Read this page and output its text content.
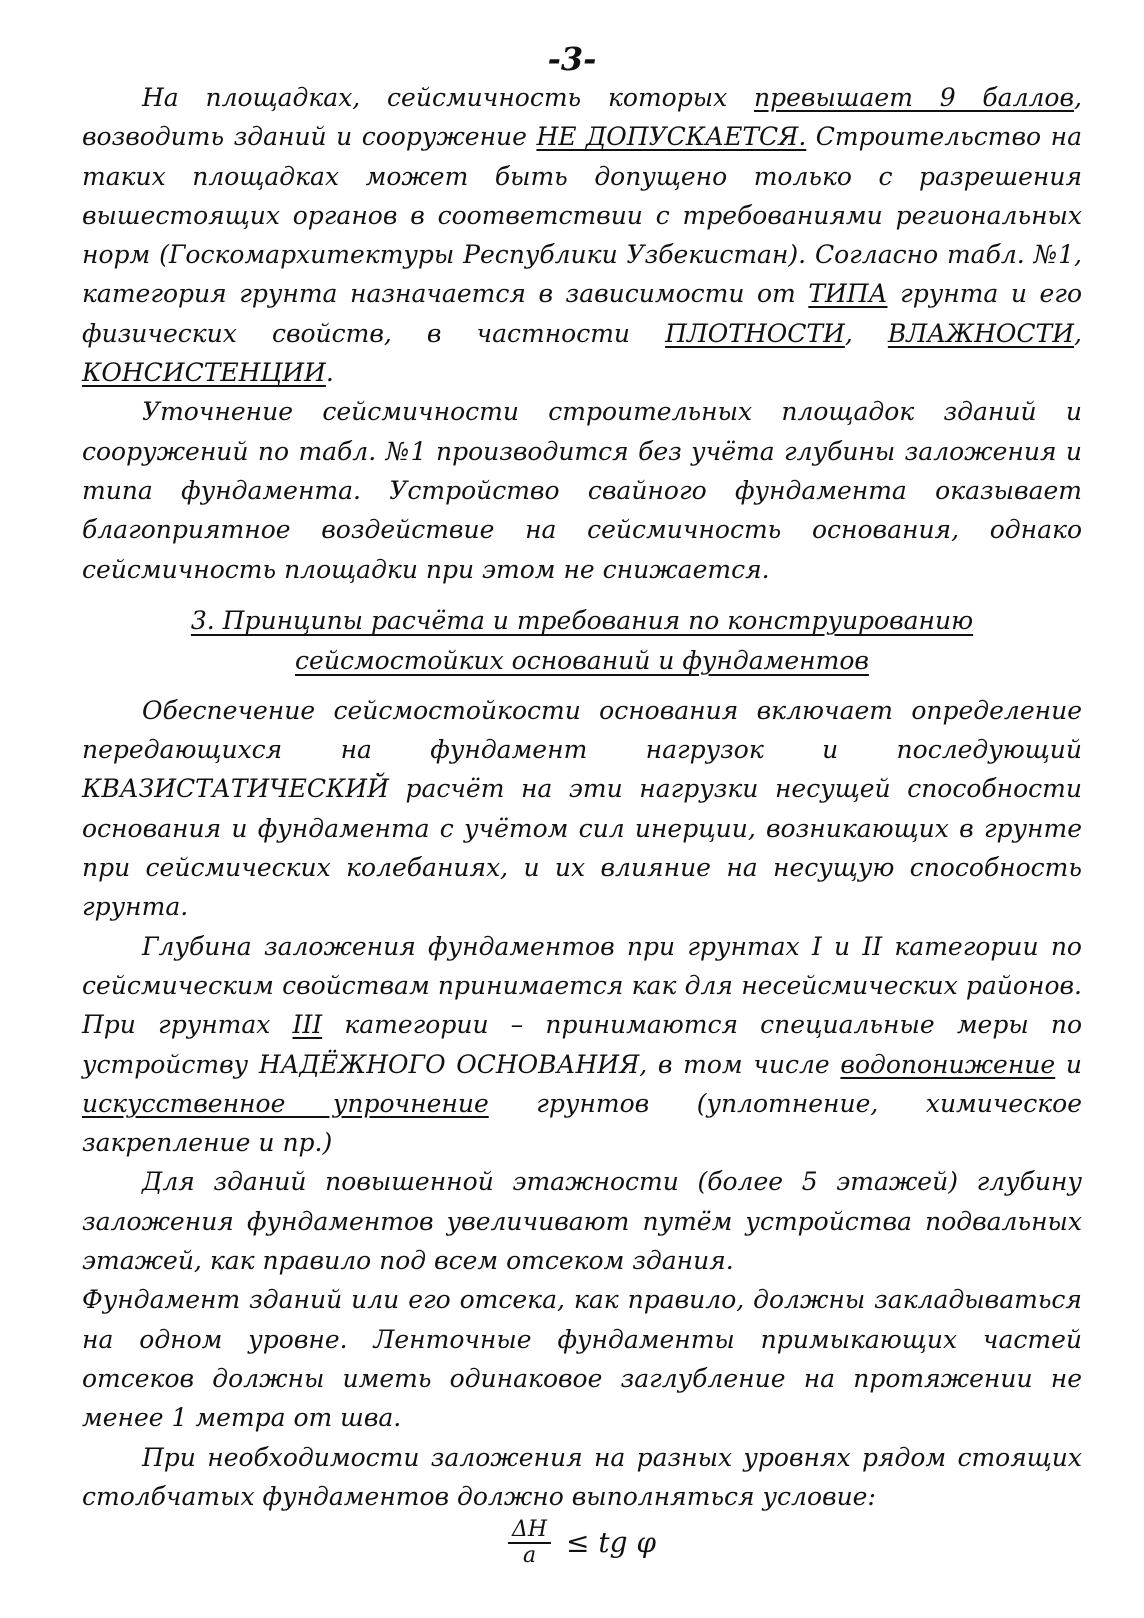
-3-

На площадках, сейсмичность которых превышает 9 баллов, возводить зданий и сооружение НЕ ДОПУСКАЕТСЯ. Строительство на таких площадках может быть допущено только с разрешения вышестоящих органов в соответствии с требованиями региональных норм (Госкомархитектуры Республики Узбекистан). Согласно табл. №1, категория грунта назначается в зависимости от ТИПА грунта и его физических свойств, в частности ПЛОТНОСТИ, ВЛАЖНОСТИ, КОНСИСТЕНЦИИ.

Уточнение сейсмичности строительных площадок зданий и сооружений по табл. №1 производится без учёта глубины заложения и типа фундамента. Устройство свайного фундамента оказывает благоприятное воздействие на сейсмичность основания, однако сейсмичность площадки при этом не снижается.

3. Принципы расчёта и требования по конструированию
сейсмостойких оснований и фундаментов

Обеспечение сейсмостойкости основания включает определение передающихся на фундамент нагрузок и последующий КВАЗИСТАТИЧЕСКИЙ расчёт на эти нагрузки несущей способности основания и фундамента с учётом сил инерции, возникающих в грунте при сейсмических колебаниях, и их влияние на несущую способность грунта.

Глубина заложения фундаментов при грунтах I и II категории по сейсмическим свойствам принимается как для несейсмических районов. При грунтах III категории – принимаются специальные меры по устройству НАДЁЖНОГО ОСНОВАНИЯ, в том числе водопонижение и искусственное упрочнение грунтов (уплотнение, химическое закрепление и пр.)

Для зданий повышенной этажности (более 5 этажей) глубину заложения фундаментов увеличивают путём устройства подвальных этажей, как правило под всем отсеком здания.

Фундамент зданий или его отсека, как правило, должны закладываться на одном уровне. Ленточные фундаменты примыкающих частей отсеков должны иметь одинаковое заглубление на протяжении не менее 1 метра от шва.

При необходимости заложения на разных уровнях рядом стоящих столбчатых фундаментов должно выполняться условие:

$\frac{\Delta H}{a}$ ≤ tg φ
